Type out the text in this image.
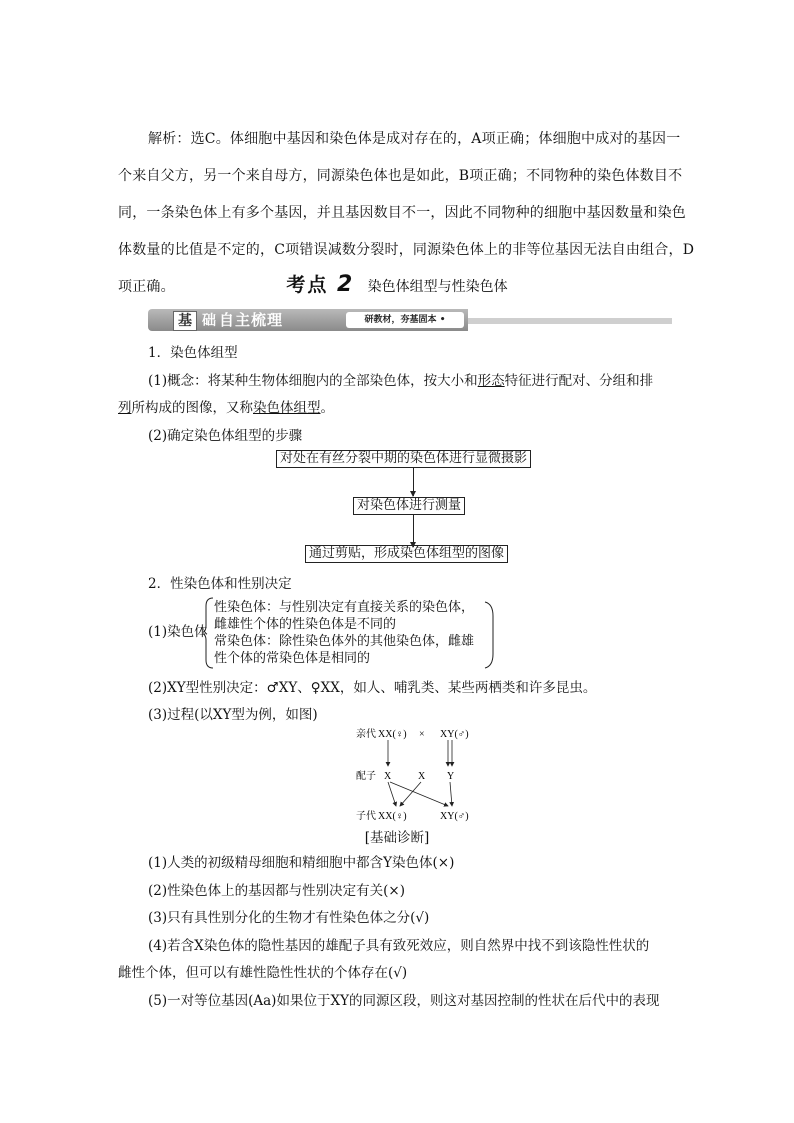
解析：选C。体细胞中基因和染色体是成对存在的，A项正确；体细胞中成对的基因一
个来自父方，另一个来自母方，同源染色体也是如此，B项正确；不同物种的染色体数目不
同，一条染色体上有多个基因，并且基因数目不一，因此不同物种的细胞中基因数量和染色
体数量的比值是不定的，C项错误减数分裂时，同源染色体上的非等位基因无法自由组合，D
项正确。	考点 2 染色体组型与性染色体
基 础 自主梳理	研教材，夯基固本 •
1．染色体组型
(1)概念：将某种生物体细胞内的全部染色体，按大小和形态特征进行配对、分组和排
列所构成的图像，又称染色体组型。
(2)确定染色体组型的步骤
对处在有丝分裂中期的染色体进行显微摄影
对染色体进行测量
通过剪贴，形成染色体组型的图像
2．性染色体和性别决定
(1)染色体
性染色体：与性别决定有直接关系的染色体，
雌雄性个体的性染色体是不同的
常染色体：除性染色体外的其他染色体，雌雄
性个体的常染色体是相同的
(2)XY型性别决定：♂XY、♀XX，如人、哺乳类、某些两栖类和许多昆虫。
(3)过程(以XY型为例，如图)
亲代 XX(♀) × XY(♂)
配子 X	X Y
子代 XX(♀)	XY(♂)
[基础诊断]
(1)人类的初级精母细胞和精细胞中都含Y染色体(×)
(2)性染色体上的基因都与性别决定有关(×)
(3)只有具性别分化的生物才有性染色体之分(√)
(4)若含X染色体的隐性基因的雄配子具有致死效应，则自然界中找不到该隐性性状的
雌性个体，但可以有雄性隐性性状的个体存在(√)
(5)一对等位基因(Aa)如果位于XY的同源区段，则这对基因控制的性状在后代中的表现
